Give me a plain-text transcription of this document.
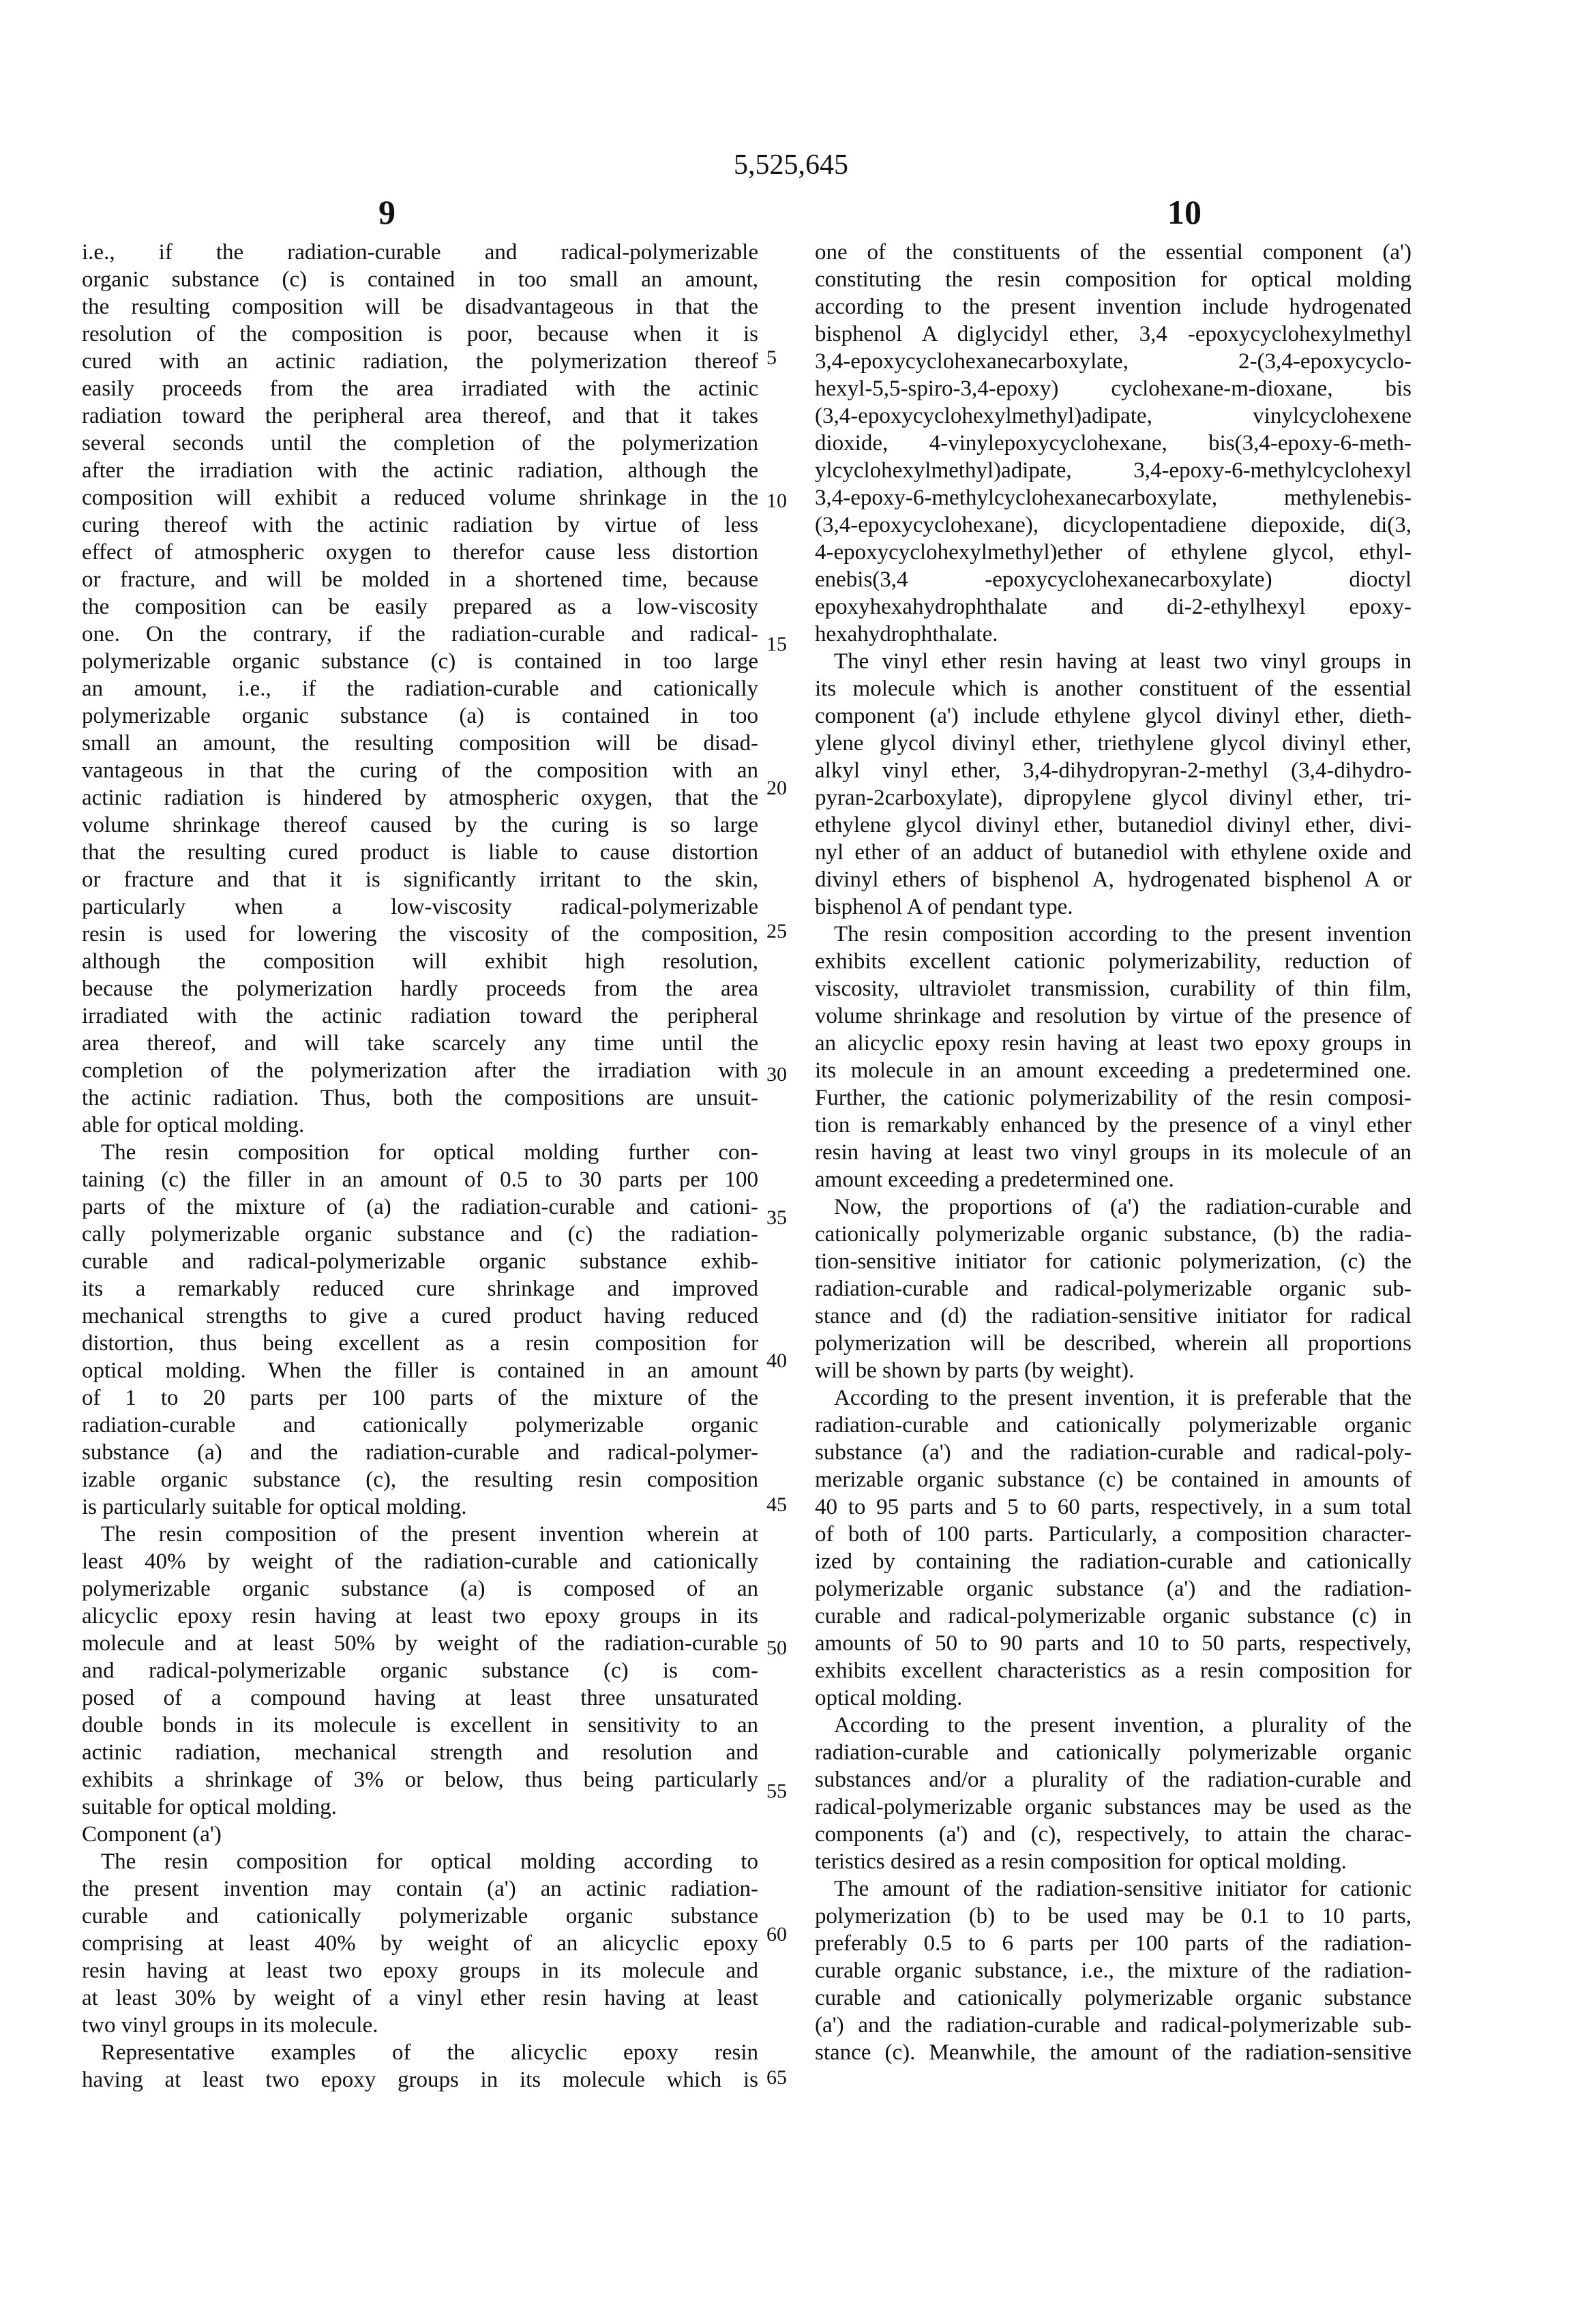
5,525,645
9	10
i.e., if the radiation-curable and radical-polymerizable
organic substance (c) is contained in too small an amount,
the resulting composition will be disadvantageous in that the
resolution of the composition is poor, because when it is
cured with an actinic radiation, the polymerization thereof
easily proceeds from the area irradiated with the actinic
radiation toward the peripheral area thereof, and that it takes
several seconds until the completion of the polymerization
after the irradiation with the actinic radiation, although the
composition will exhibit a reduced volume shrinkage in the
curing thereof with the actinic radiation by virtue of less
effect of atmospheric oxygen to therefor cause less distortion
or fracture, and will be molded in a shortened time, because
the composition can be easily prepared as a low-viscosity
one. On the contrary, if the radiation-curable and radical-
polymerizable organic substance (c) is contained in too large
an amount, i.e., if the radiation-curable and cationically
polymerizable organic substance (a) is contained in too
small an amount, the resulting composition will be disad-
vantageous in that the curing of the composition with an
actinic radiation is hindered by atmospheric oxygen, that the
volume shrinkage thereof caused by the curing is so large
that the resulting cured product is liable to cause distortion
or fracture and that it is significantly irritant to the skin,
particularly when a low-viscosity radical-polymerizable
resin is used for lowering the viscosity of the composition,
although the composition will exhibit high resolution,
because the polymerization hardly proceeds from the area
irradiated with the actinic radiation toward the peripheral
area thereof, and will take scarcely any time until the
completion of the polymerization after the irradiation with
the actinic radiation. Thus, both the compositions are unsuit-
able for optical molding.
The resin composition for optical molding further con-
taining (c) the filler in an amount of 0.5 to 30 parts per 100
parts of the mixture of (a) the radiation-curable and cationi-
cally polymerizable organic substance and (c) the radiation-
curable and radical-polymerizable organic substance exhib-
its a remarkably reduced cure shrinkage and improved
mechanical strengths to give a cured product having reduced
distortion, thus being excellent as a resin composition for
optical molding. When the filler is contained in an amount
of 1 to 20 parts per 100 parts of the mixture of the
radiation-curable and cationically polymerizable organic
substance (a) and the radiation-curable and radical-polymer-
izable organic substance (c), the resulting resin composition
is particularly suitable for optical molding.
The resin composition of the present invention wherein at
least 40% by weight of the radiation-curable and cationically
polymerizable organic substance (a) is composed of an
alicyclic epoxy resin having at least two epoxy groups in its
molecule and at least 50% by weight of the radiation-curable
and radical-polymerizable organic substance (c) is com-
posed of a compound having at least three unsaturated
double bonds in its molecule is excellent in sensitivity to an
actinic radiation, mechanical strength and resolution and
exhibits a shrinkage of 3% or below, thus being particularly
suitable for optical molding.
Component (a')
The resin composition for optical molding according to
the present invention may contain (a') an actinic radiation-
curable and cationically polymerizable organic substance
comprising at least 40% by weight of an alicyclic epoxy
resin having at least two epoxy groups in its molecule and
at least 30% by weight of a vinyl ether resin having at least
two vinyl groups in its molecule.
Representative examples of the alicyclic epoxy resin
having at least two epoxy groups in its molecule which is
one of the constituents of the essential component (a')
constituting the resin composition for optical molding
according to the present invention include hydrogenated
bisphenol A diglycidyl ether, 3,4 -epoxycyclohexylmethyl
3,4-epoxycyclohexanecarboxylate, 2-(3,4-epoxycyclo-
hexyl-5,5-spiro-3,4-epoxy) cyclohexane-m-dioxane, bis
(3,4-epoxycyclohexylmethyl)adipate, vinylcyclohexene
dioxide, 4-vinylepoxycyclohexane, bis(3,4-epoxy-6-meth-
ylcyclohexylmethyl)adipate, 3,4-epoxy-6-methylcyclohexyl
3,4-epoxy-6-methylcyclohexanecarboxylate, methylenebis-
(3,4-epoxycyclohexane), dicyclopentadiene diepoxide, di(3,
4-epoxycyclohexylmethyl)ether of ethylene glycol, ethyl-
enebis(3,4 -epoxycyclohexanecarboxylate) dioctyl
epoxyhexahydrophthalate and di-2-ethylhexyl epoxy-
hexahydrophthalate.
The vinyl ether resin having at least two vinyl groups in
its molecule which is another constituent of the essential
component (a') include ethylene glycol divinyl ether, dieth-
ylene glycol divinyl ether, triethylene glycol divinyl ether,
alkyl vinyl ether, 3,4-dihydropyran-2-methyl (3,4-dihydro-
pyran-2carboxylate), dipropylene glycol divinyl ether, tri-
ethylene glycol divinyl ether, butanediol divinyl ether, divi-
nyl ether of an adduct of butanediol with ethylene oxide and
divinyl ethers of bisphenol A, hydrogenated bisphenol A or
bisphenol A of pendant type.
The resin composition according to the present invention
exhibits excellent cationic polymerizability, reduction of
viscosity, ultraviolet transmission, curability of thin film,
volume shrinkage and resolution by virtue of the presence of
an alicyclic epoxy resin having at least two epoxy groups in
its molecule in an amount exceeding a predetermined one.
Further, the cationic polymerizability of the resin composi-
tion is remarkably enhanced by the presence of a vinyl ether
resin having at least two vinyl groups in its molecule of an
amount exceeding a predetermined one.
Now, the proportions of (a') the radiation-curable and
cationically polymerizable organic substance, (b) the radia-
tion-sensitive initiator for cationic polymerization, (c) the
radiation-curable and radical-polymerizable organic sub-
stance and (d) the radiation-sensitive initiator for radical
polymerization will be described, wherein all proportions
will be shown by parts (by weight).
According to the present invention, it is preferable that the
radiation-curable and cationically polymerizable organic
substance (a') and the radiation-curable and radical-poly-
merizable organic substance (c) be contained in amounts of
40 to 95 parts and 5 to 60 parts, respectively, in a sum total
of both of 100 parts. Particularly, a composition character-
ized by containing the radiation-curable and cationically
polymerizable organic substance (a') and the radiation-
curable and radical-polymerizable organic substance (c) in
amounts of 50 to 90 parts and 10 to 50 parts, respectively,
exhibits excellent characteristics as a resin composition for
optical molding.
According to the present invention, a plurality of the
radiation-curable and cationically polymerizable organic
substances and/or a plurality of the radiation-curable and
radical-polymerizable organic substances may be used as the
components (a') and (c), respectively, to attain the charac-
teristics desired as a resin composition for optical molding.
The amount of the radiation-sensitive initiator for cationic
polymerization (b) to be used may be 0.1 to 10 parts,
preferably 0.5 to 6 parts per 100 parts of the radiation-
curable organic substance, i.e., the mixture of the radiation-
curable and cationically polymerizable organic substance
(a') and the radiation-curable and radical-polymerizable sub-
stance (c). Meanwhile, the amount of the radiation-sensitive
5
10
15
20
25
30
35
40
45
50
55
60
65
